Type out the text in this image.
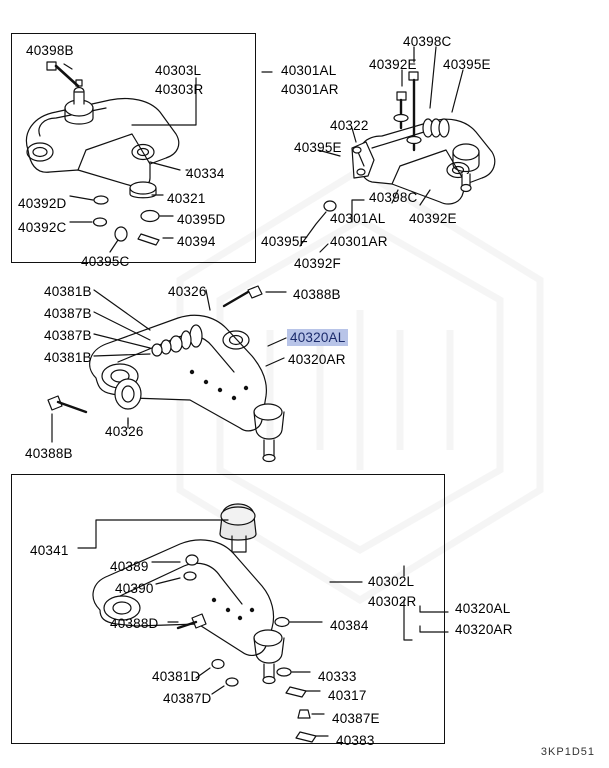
40398B
40303L
40303R
40301AL
40301AR
40398C
40392E 40395E
40322
40395E
40334
40321
40392D
40395D
40392C
40394
40395C
40398C
40301AL 40392E
40395F 40301AR
40392F
40381B	40326	40388B
40387B
40387B	40320AL
40381B	40320AR
40326
40388B
40341
40389
40390	40302L
40302R	40320AL
40320AR
40388D	40384
40381D	40333
40387D	40317
40387E
40383
3KP1D51
